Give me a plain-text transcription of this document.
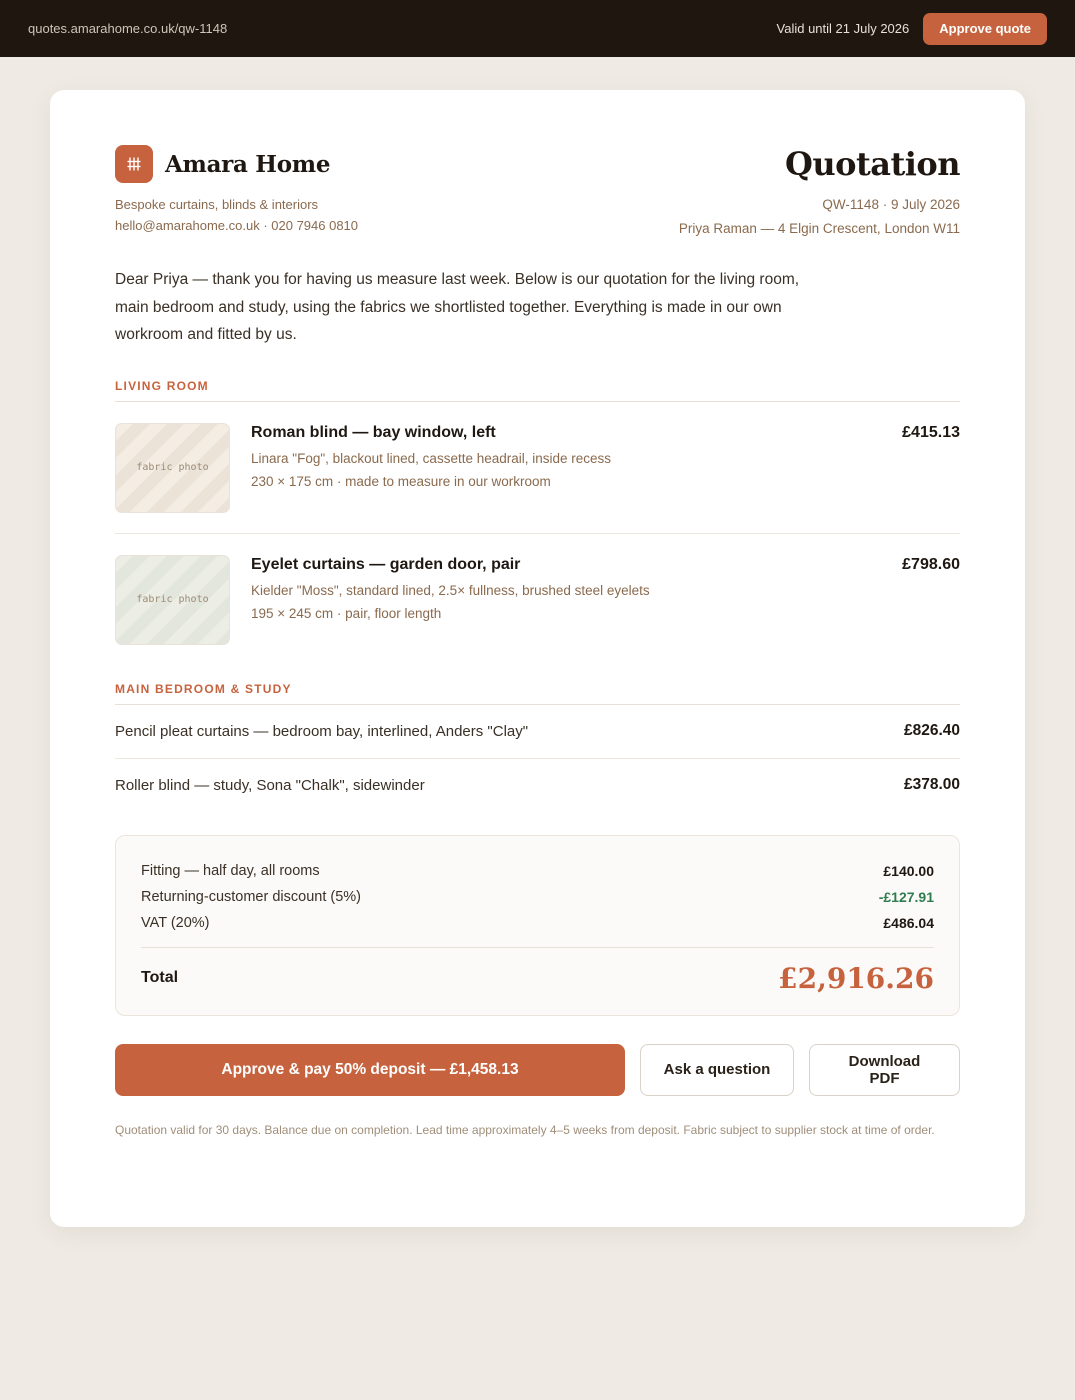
quotes.amarahome.co.uk/qw-1148	Valid until 21 July 2026	Approve quote
Amara Home
Bespoke curtains, blinds & interiors
hello@amarahome.co.uk · 020 7946 0810
Quotation
QW-1148 · 9 July 2026
Priya Raman — 4 Elgin Crescent, London W11
Dear Priya — thank you for having us measure last week. Below is our quotation for the living room, main bedroom and study, using the fabrics we shortlisted together. Everything is made in our own workroom and fitted by us.
LIVING ROOM
fabric photo
Roman blind — bay window, left
Linara "Fog", blackout lined, cassette headrail, inside recess
230 × 175 cm · made to measure in our workroom
£415.13
fabric photo
Eyelet curtains — garden door, pair
Kielder "Moss", standard lined, 2.5× fullness, brushed steel eyelets
195 × 245 cm · pair, floor length
£798.60
MAIN BEDROOM & STUDY
Pencil pleat curtains — bedroom bay, interlined, Anders "Clay"	£826.40
Roller blind — study, Sona "Chalk", sidewinder	£378.00
Fitting — half day, all rooms	£140.00
Returning-customer discount (5%)	-£127.91
VAT (20%)	£486.04
Total	£2,916.26
Approve & pay 50% deposit — £1,458.13	Ask a question	Download PDF
Quotation valid for 30 days. Balance due on completion. Lead time approximately 4–5 weeks from deposit. Fabric subject to supplier stock at time of order.
